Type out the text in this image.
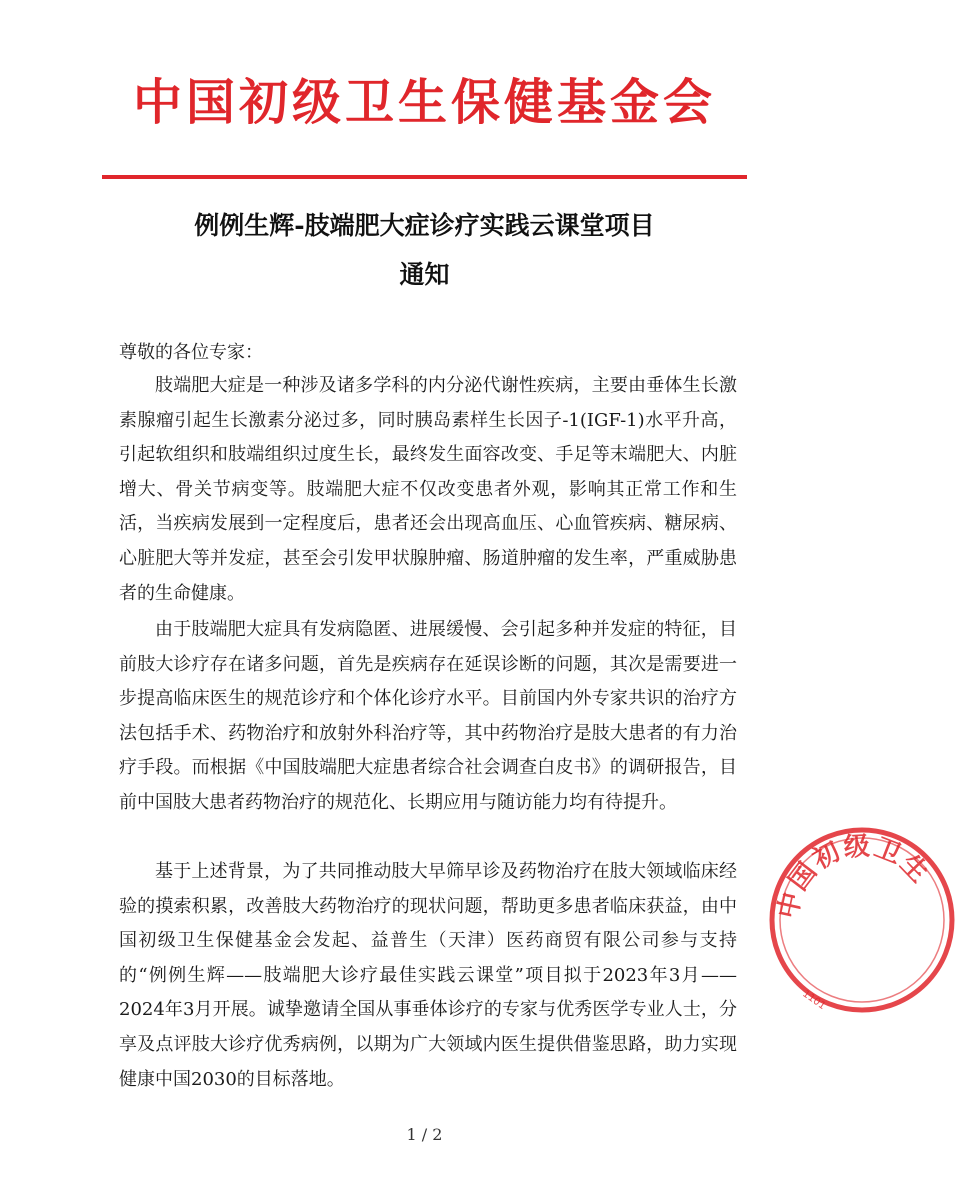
中国初级卫生保健基金会
例例生辉-肢端肥大症诊疗实践云课堂项目
通知
尊敬的各位专家：

肢端肥大症是一种涉及诸多学科的内分泌代谢性疾病，主要由垂体生长激素腺瘤引起生长激素分泌过多，同时胰岛素样生长因子-1(IGF-1)水平升高，引起软组织和肢端组织过度生长，最终发生面容改变、手足等末端肥大、内脏增大、骨关节病变等。肢端肥大症不仅改变患者外观，影响其正常工作和生活，当疾病发展到一定程度后，患者还会出现高血压、心血管疾病、糖尿病、心脏肥大等并发症，甚至会引发甲状腺肿瘤、肠道肿瘤的发生率，严重威胁患者的生命健康。

由于肢端肥大症具有发病隐匿、进展缓慢、会引起多种并发症的特征，目前肢大诊疗存在诸多问题，首先是疾病存在延误诊断的问题，其次是需要进一步提高临床医生的规范诊疗和个体化诊疗水平。目前国内外专家共识的治疗方法包括手术、药物治疗和放射外科治疗等，其中药物治疗是肢大患者的有力治疗手段。而根据《中国肢端肥大症患者综合社会调查白皮书》的调研报告，目前中国肢大患者药物治疗的规范化、长期应用与随访能力均有待提升。

基于上述背景，为了共同推动肢大早筛早诊及药物治疗在肢大领域临床经验的摸索积累，改善肢大药物治疗的现状问题，帮助更多患者临床获益，由中国初级卫生保健基金会发起、益普生（天津）医药商贸有限公司参与支持的“例例生辉——肢端肥大诊疗最佳实践云课堂”项目拟于2023年3月——2024年3月开展。诚挚邀请全国从事垂体诊疗的专家与优秀医学专业人士，分享及点评肢大诊疗优秀病例，以期为广大领域内医生提供借鉴思路，助力实现健康中国2030的目标落地。

1 / 2
中国初级卫生
1101
